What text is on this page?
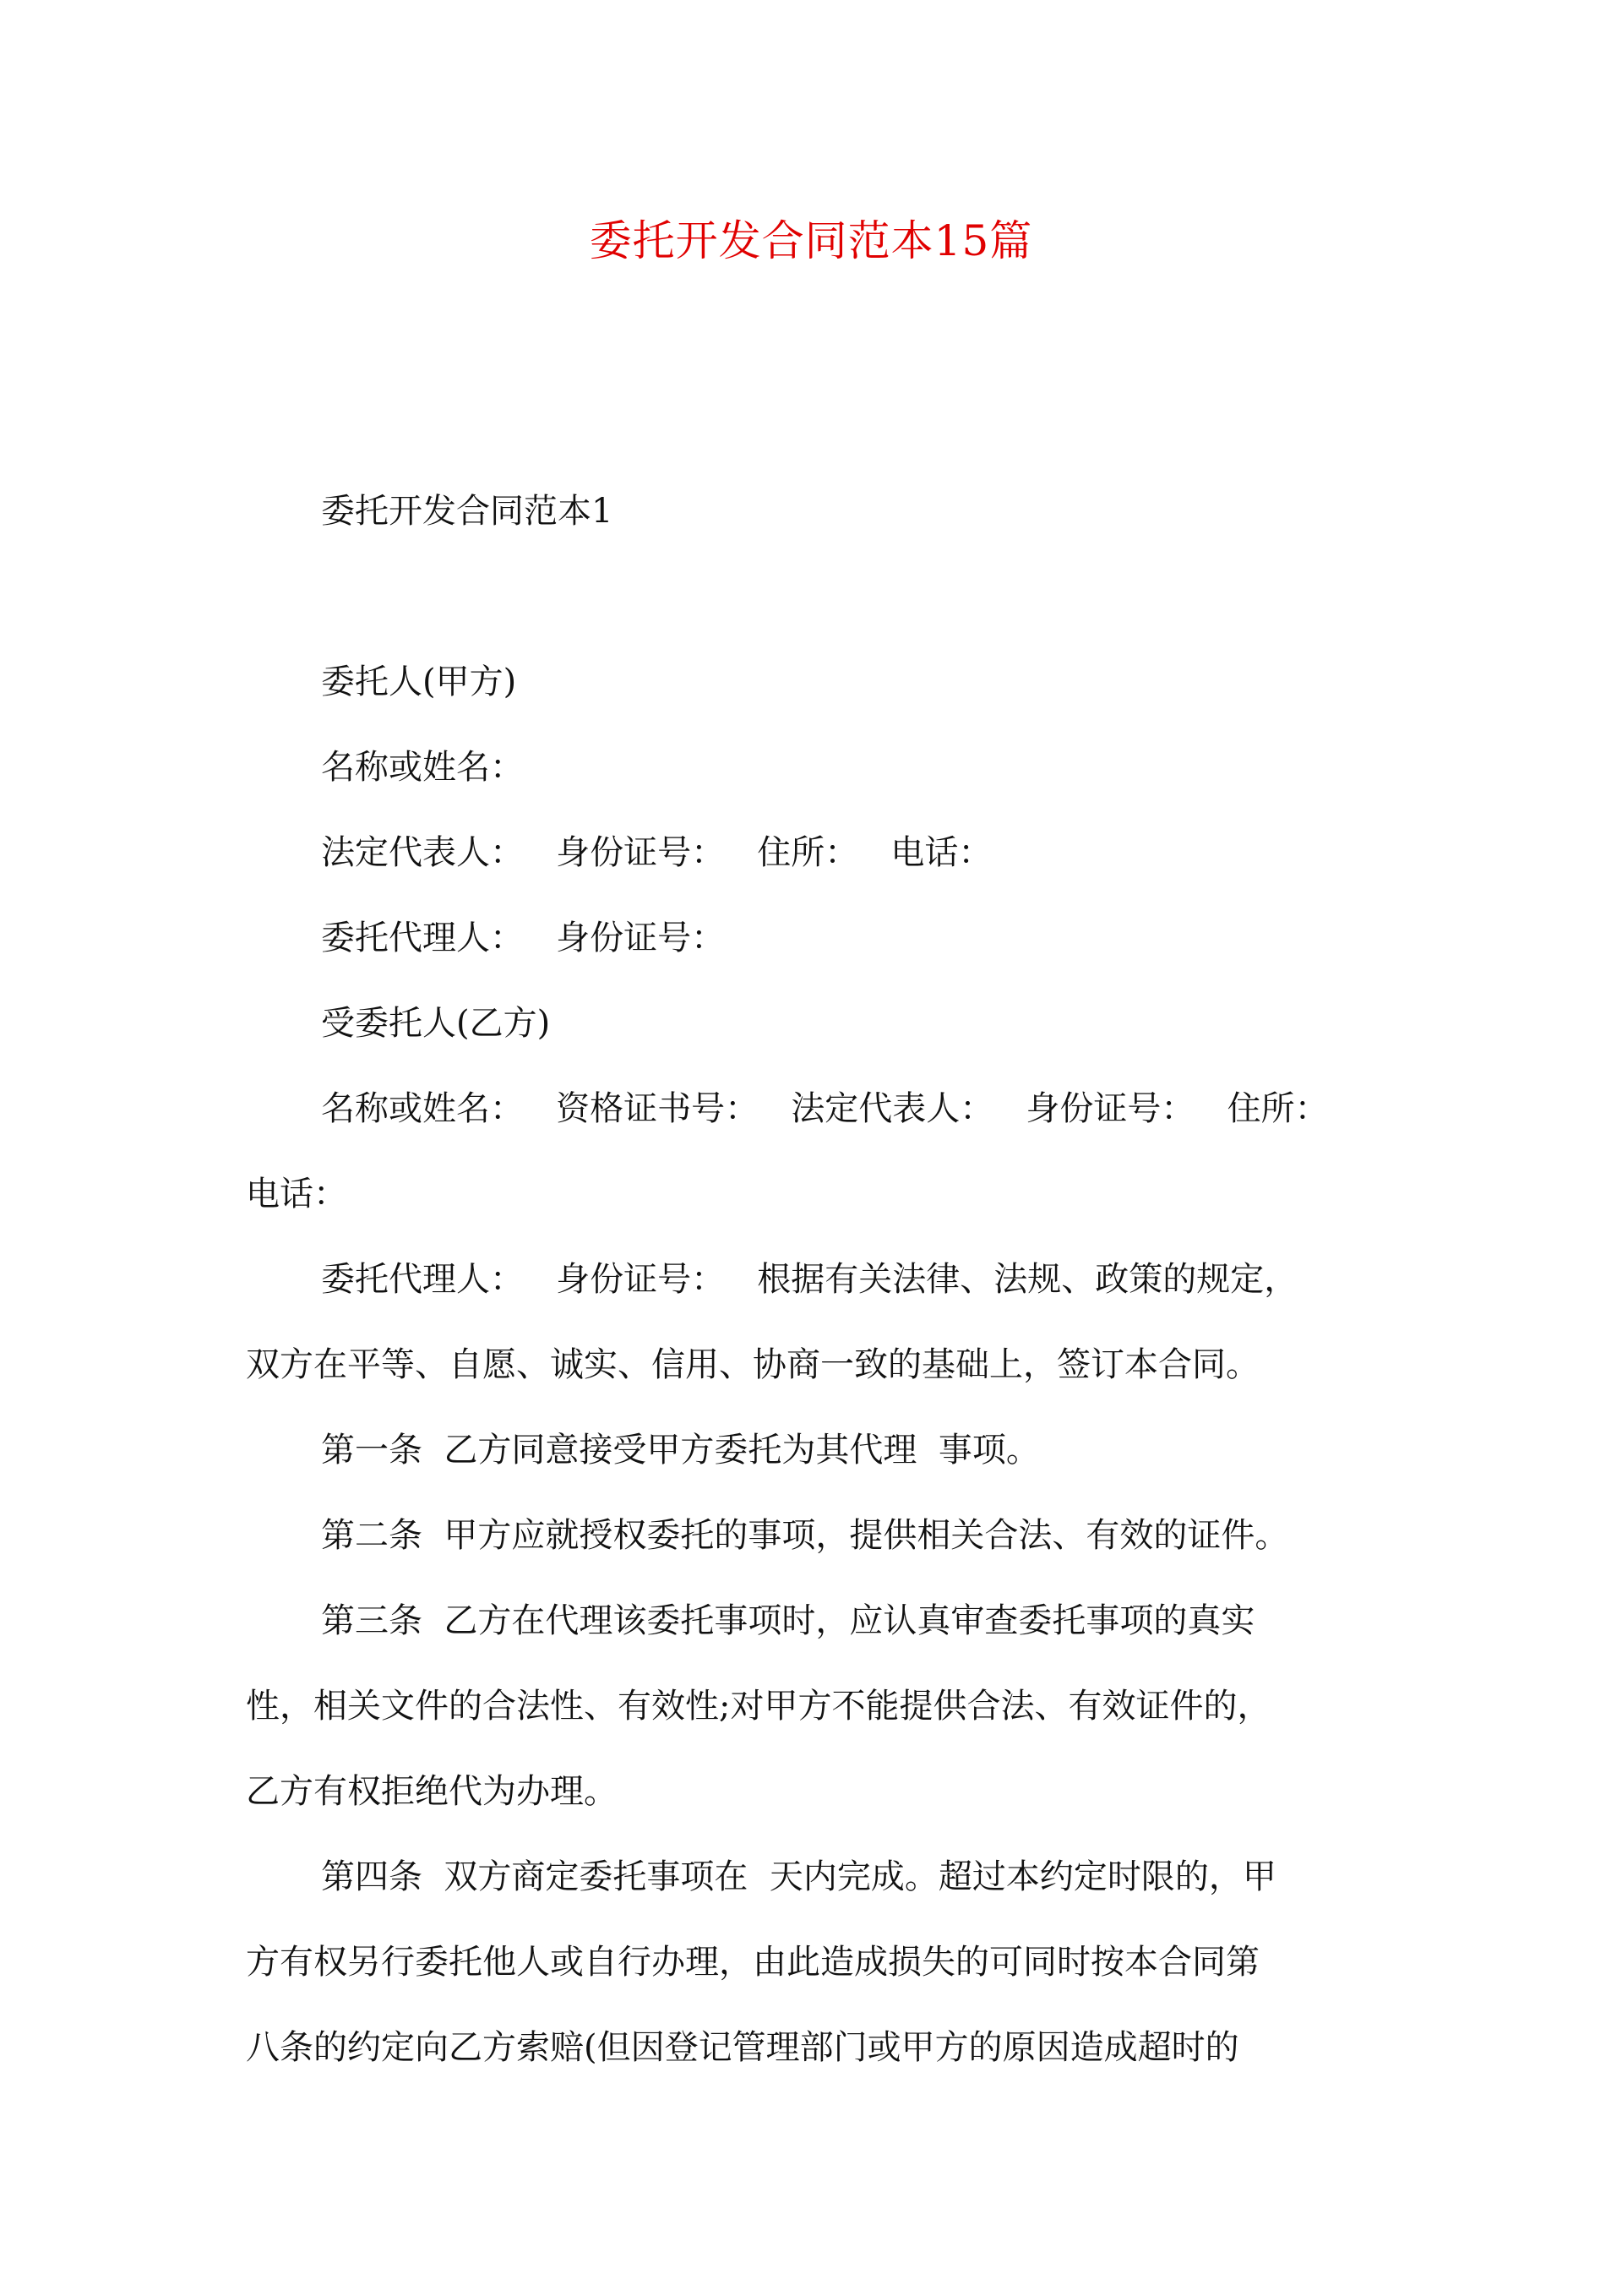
委托开发合同范本15篇

委托开发合同范本1

委托人(甲方)

名称或姓名：

法定代表人：   身份证号：   住所：   电话：

委托代理人：   身份证号：

受委托人(乙方)

名称或姓名：   资格证书号：   法定代表人：   身份证号：   住所：

电话：

委托代理人：   身份证号：   根据有关法律、法规、政策的规定，

双方在平等、自愿、诚实、信用、协商一致的基础上，签订本合同。

第一条  乙方同意接受甲方委托为其代理  事项。

第二条  甲方应就授权委托的事项，提供相关合法、有效的证件。

第三条  乙方在代理该委托事项时，应认真审查委托事项的真实

性，相关文件的合法性、有效性;对甲方不能提供合法、有效证件的，

乙方有权拒绝代为办理。

第四条  双方商定委托事项在  天内完成。超过本约定时限的，甲

方有权另行委托他人或自行办理，由此造成损失的可同时按本合同第

八条的约定向乙方索赔(但因登记管理部门或甲方的原因造成超时的
